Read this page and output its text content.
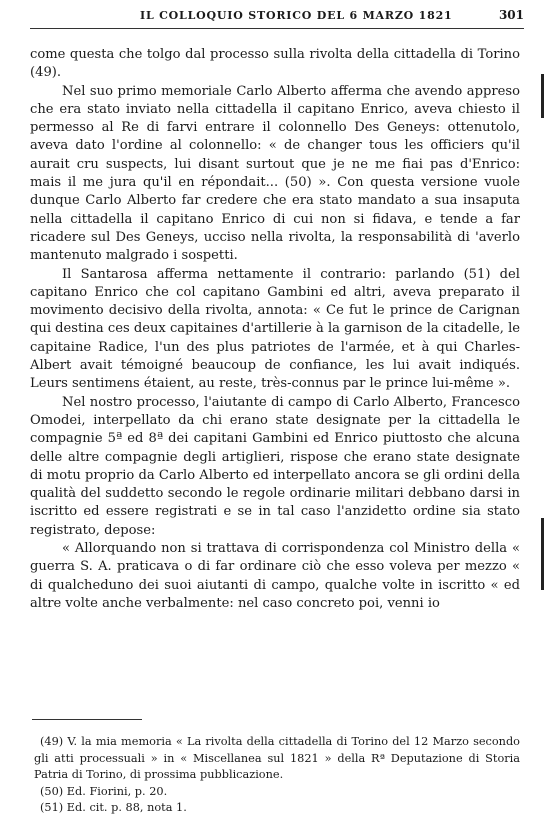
IL COLLOQUIO STORICO DEL 6 MARZO 1821	301

come questa che tolgo dal processo sulla rivolta della cittadella di Torino (49).

Nel suo primo memoriale Carlo Alberto afferma che avendo appreso che era stato inviato nella cittadella il capitano Enrico, aveva chiesto il permesso al Re di farvi entrare il colonnello Des Geneys: ottenutolo, aveva dato l'ordine al colonnello: « de changer tous les officiers qu'il aurait cru suspects, lui disant surtout que je ne me fiai pas d'Enrico: mais il me jura qu'il en répondait... (50) ». Con questa versione vuole dunque Carlo Alberto far credere che era stato mandato a sua insaputa nella cittadella il capitano Enrico di cui non si fidava, e tende a far ricadere sul Des Geneys, ucciso nella rivolta, la responsabilità di 'averlo mantenuto malgrado i sospetti.

Il Santarosa afferma nettamente il contrario: parlando (51) del capitano Enrico che col capitano Gambini ed altri, aveva preparato il movimento decisivo della rivolta, annota: « Ce fut le prince de Carignan qui destina ces deux capitaines d'artillerie à la garnison de la citadelle, le capitaine Radice, l'un des plus patriotes de l'armée, et à qui Charles-Albert avait témoigné beaucoup de confiance, les lui avait indiqués. Leurs sentimens étaient, au reste, très-connus par le prince lui-même ».

Nel nostro processo, l'aiutante di campo di Carlo Alberto, Francesco Omodei, interpellato da chi erano state designate per la cittadella le compagnie 5ª ed 8ª dei capitani Gambini ed Enrico piuttosto che alcuna delle altre compagnie degli artiglieri, rispose che erano state designate di motu proprio da Carlo Alberto ed interpellato ancora se gli ordini della qualità del suddetto secondo le regole ordinarie militari debbano darsi in iscritto ed essere registrati e se in tal caso l'anzidetto ordine sia stato registrato, depose:

« Allorquando non si trattava di corrispondenza col Ministro della « guerra S. A. praticava o di far ordinare ciò che esso voleva per mezzo « di qualcheduno dei suoi aiutanti di campo, qualche volte in iscritto « ed altre volte anche verbalmente: nel caso concreto poi, venni io

(49) V. la mia memoria « La rivolta della cittadella di Torino del 12 Marzo secondo gli atti processuali » in « Miscellanea sul 1821 » della Rª Deputazione di Storia Patria di Torino, di prossima pubblicazione.

(50) Ed. Fiorini, p. 20.

(51) Ed. cit. p. 88, nota 1.
